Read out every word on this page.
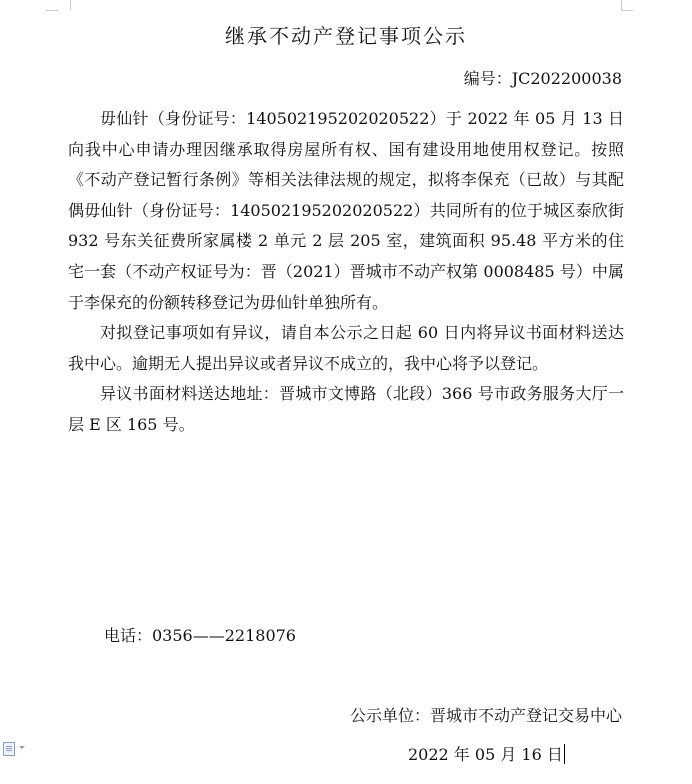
继承不动产登记事项公示
编号：JC202200038

毋仙针（身份证号：140502195202020522）于 2022 年 05 月 13 日向我中心申请办理因继承取得房屋所有权、国有建设用地使用权登记。按照《不动产登记暂行条例》等相关法律法规的规定，拟将李保充（已故）与其配偶毋仙针（身份证号：140502195202020522）共同所有的位于城区泰欣街 932 号东关征费所家属楼 2 单元 2 层 205 室，建筑面积 95.48 平方米的住宅一套（不动产权证号为：晋（2021）晋城市不动产权第 0008485 号）中属于李保充的份额转移登记为毋仙针单独所有。

对拟登记事项如有异议，请自本公示之日起 60 日内将异议书面材料送达我中心。逾期无人提出异议或者异议不成立的，我中心将予以登记。

异议书面材料送达地址：晋城市文博路（北段）366 号市政务服务大厅一层 E 区 165 号。

电话：0356——2218076
公示单位：晋城市不动产登记交易中心
2022 年 05 月 16 日
